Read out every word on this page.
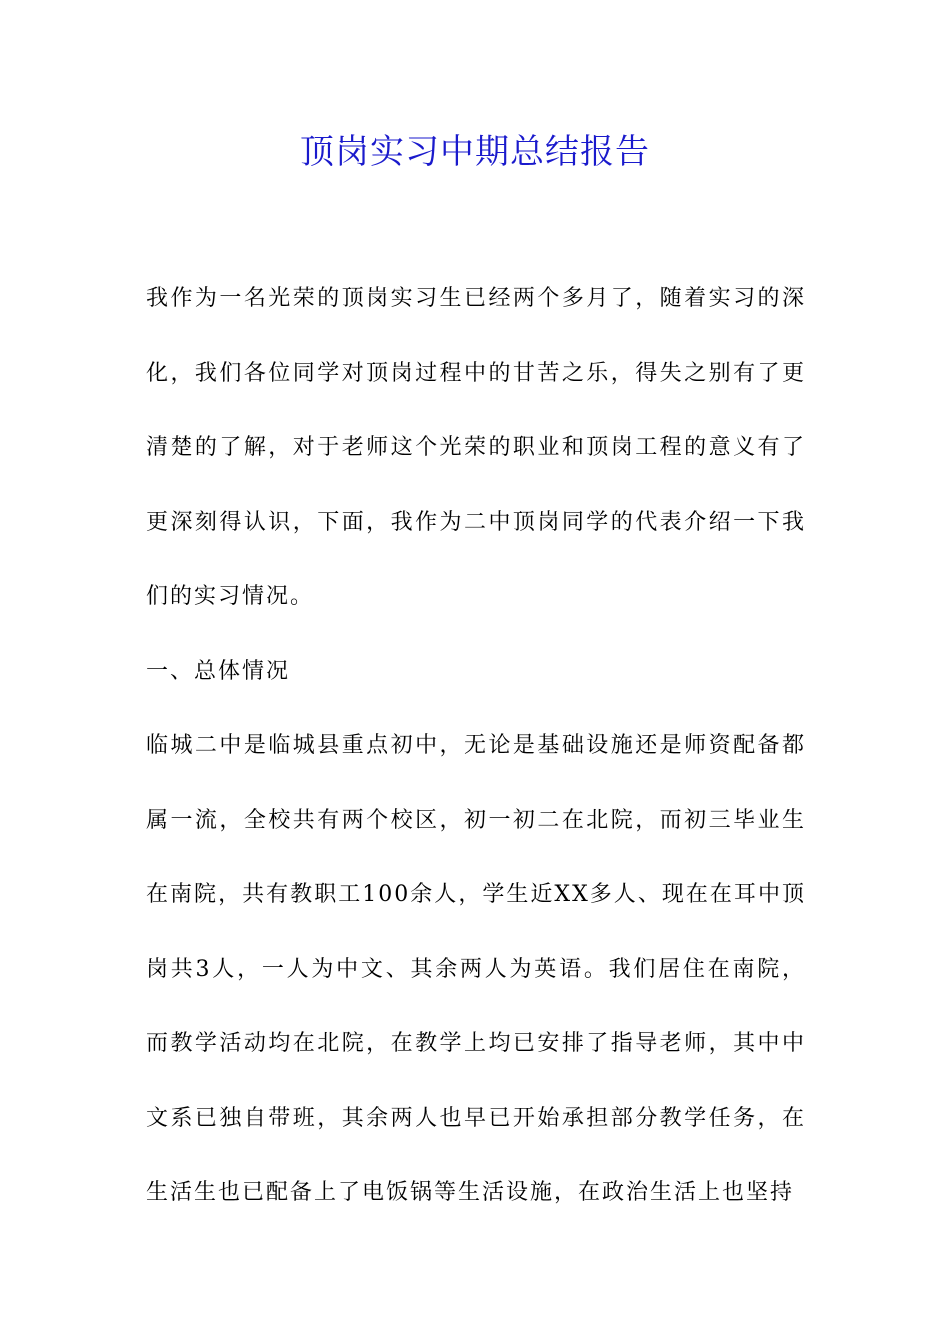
顶岗实习中期总结报告

我作为一名光荣的顶岗实习生已经两个多月了，随着实习的深化，我们各位同学对顶岗过程中的甘苦之乐，得失之别有了更清楚的了解，对于老师这个光荣的职业和顶岗工程的意义有了更深刻得认识，下面，我作为二中顶岗同学的代表介绍一下我们的实习情况。

一、总体情况

临城二中是临城县重点初中，无论是基础设施还是师资配备都属一流，全校共有两个校区，初一初二在北院，而初三毕业生在南院，共有教职工100余人，学生近XX多人、现在在耳中顶岗共3人，一人为中文、其余两人为英语。我们居住在南院，而教学活动均在北院，在教学上均已安排了指导老师，其中中文系已独自带班，其余两人也早已开始承担部分教学任务，在生活生也已配备上了电饭锅等生活设施，在政治生活上也坚持
